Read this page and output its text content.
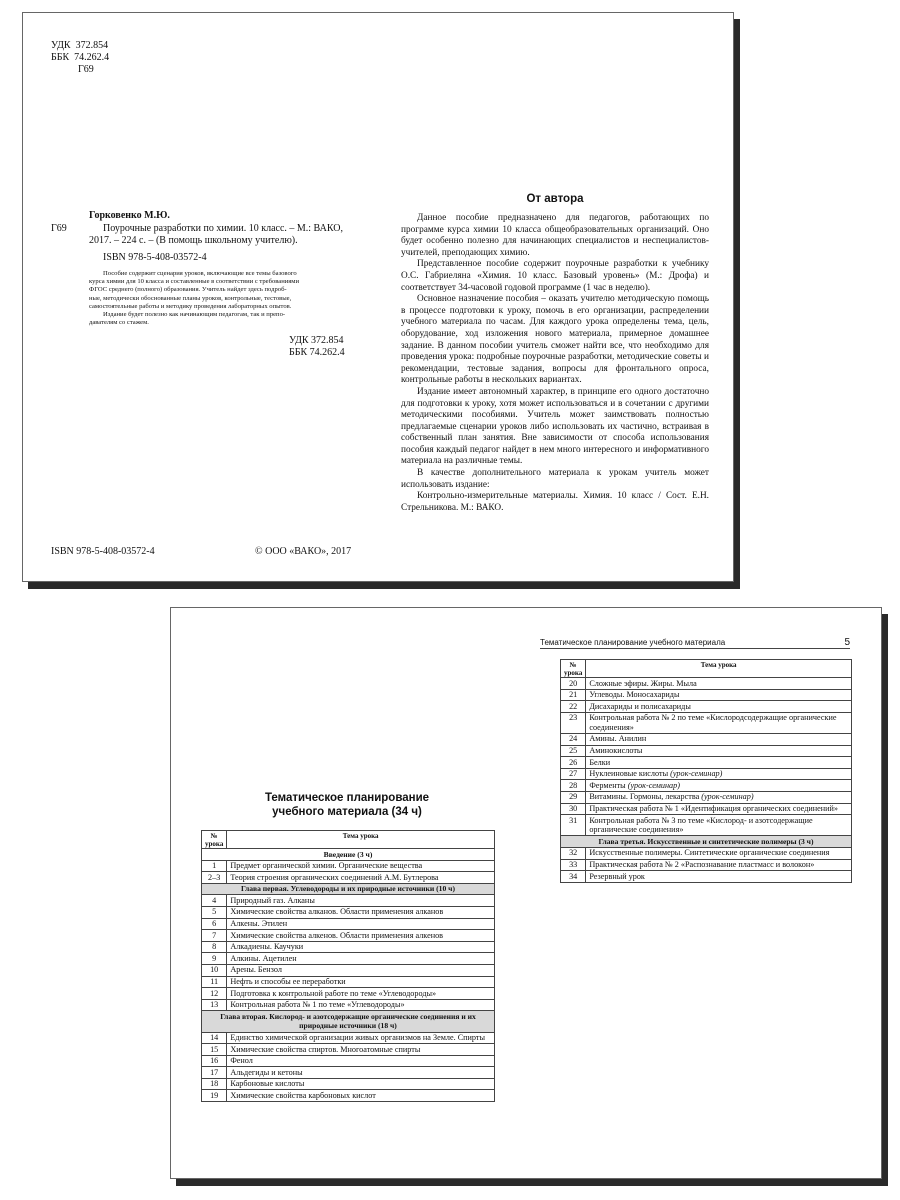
УДК 372.854
ББК 74.262.4
Г69
Горковенко М.Ю.
Г69	Поурочные разработки по химии. 10 класс. – М.: ВАКО,
2017. – 224 с. – (В помощь школьному учителю).
ISBN 978-5-408-03572-4
Пособие содержит сценария уроков, включающие все темы базового
курса химии для 10 класса и составленные в соответствии с требованиями
ФГОС среднего (полного) образования. Учитель найдет здесь подроб-
ные, методически обоснованные планы уроков, контрольные, тестовые,
самостоятельные работы и методику проведения лабораторных опытов.
Издание будет полезно как начинающим педагогам, так и препо-
давателям со стажем.
УДК 372.854
ББК 74.262.4
ISBN 978-5-408-03572-4	© ООО «ВАКО», 2017
От автора

Данное пособие предназначено для педагогов, работающих по программе курса химии 10 класса общеобразовательных организаций. Оно будет особенно полезно для начинающих специалистов и неспециалистов-учителей, преподающих химию.

Представленное пособие содержит поурочные разработки к учебнику О.С. Габриеляна «Химия. 10 класс. Базовый уровень» (М.: Дрофа) и соответствует 34-часовой годовой программе (1 час в неделю).

Основное назначение пособия – оказать учителю методическую помощь в процессе подготовки к уроку, помочь в его организации, распределении учебного материала по часам. Для каждого урока определены тема, цель, оборудование, ход изложения нового материала, примерное домашнее задание. В данном пособии учитель сможет найти все, что необходимо для проведения урока: подробные поурочные разработки, методические советы и рекомендации, тестовые задания, вопросы для фронтального опроса, контрольные работы в нескольких вариантах.

Издание имеет автономный характер, в принципе его одного достаточно для подготовки к уроку, хотя может использоваться и в сочетании с другими методическими пособиями. Учитель может заимствовать полностью предлагаемые сценарии уроков либо использовать их частично, встраивая в собственный план занятия. Вне зависимости от способа использования пособия каждый педагог найдет в нем много интересного и информативного материала на различные темы.

В качестве дополнительного материала к урокам учитель может использовать издание:

Контрольно-измерительные материалы. Химия. 10 класс / Сост. Е.Н. Стрельникова. М.: ВАКО.

Тематическое планирование
учебного материала (34 ч)
№ урока	Тема урока
Введение (3 ч)	
1	Предмет органической химии. Органические вещества
2–3	Теория строения органических соединений А.М. Бутлерова
Глава первая. Углеводороды и их природные источники (10 ч)	
4	Природный газ. Алканы
5	Химические свойства алканов. Области применения алканов
6	Алкены. Этилен
7	Химические свойства алкенов. Области применения алкенов
8	Алкадиены. Каучуки
9	Алкины. Ацетилен
10	Арены. Бензол
11	Нефть и способы ее переработки
12	Подготовка к контрольной работе по теме «Углеводороды»
13	Контрольная работа № 1 по теме «Углеводороды»
Глава вторая. Кислород- и азотсодержащие органические соединения и их природные источники (18 ч)	
14	Единство химической организации живых организмов на Земле. Спирты
15	Химические свойства спиртов. Многоатомные спирты
16	Фенол
17	Альдегиды и кетоны
18	Карбоновые кислоты
19	Химические свойства карбоновых кислот
Тематическое планирование учебного материала	5
№ урока	Тема урока
20	Сложные эфиры. Жиры. Мыла
21	Углеводы. Моносахариды
22	Дисахариды и полисахариды
23	Контрольная работа № 2 по теме «Кислородсодержащие органические соединения»
24	Амины. Анилин
25	Аминокислоты
26	Белки
27	Нуклеиновые кислоты (урок-семинар)
28	Ферменты (урок-семинар)
29	Витамины. Гормоны, лекарства (урок-семинар)
30	Практическая работа № 1 «Идентификация органических соединений»
31	Контрольная работа № 3 по теме «Кислород- и азотсодержащие органические соединения»
Глава третья. Искусственные и синтетические полимеры (3 ч)	
32	Искусственные полимеры. Синтетические органические соединения
33	Практическая работа № 2 «Распознавание пластмасс и волокон»
34	Резервный урок
